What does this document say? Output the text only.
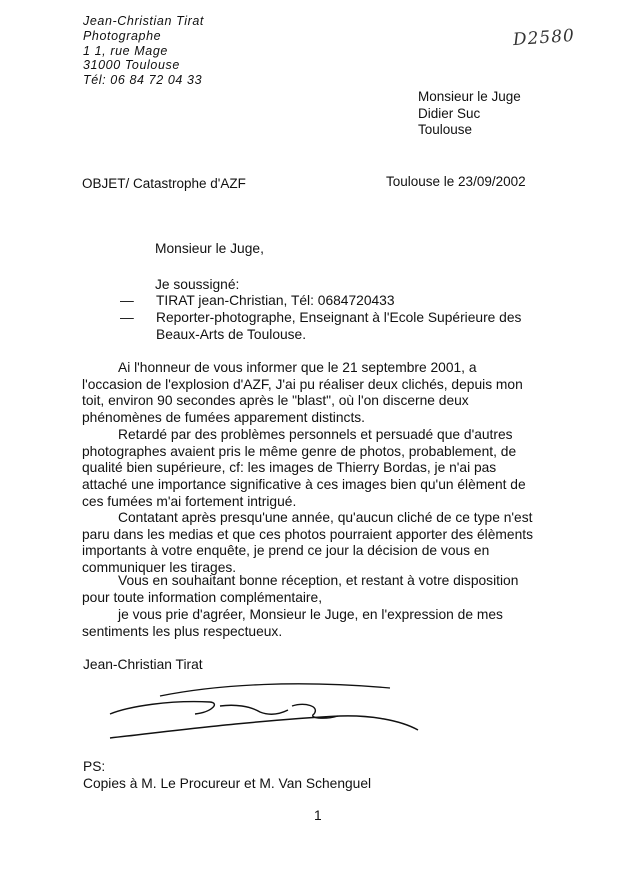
Jean-Christian Tirat
Photographe
1 1, rue Mage
31000 Toulouse
Tél: 06 84 72 04 33
D2580
Monsieur le Juge
Didier Suc
Toulouse
OBJET/ Catastrophe d'AZF	Toulouse le 23/09/2002
Monsieur le Juge,
Je soussigné:
— TIRAT jean-Christian, Tél: 0684720433
— Reporter-photographe, Enseignant à l'Ecole Supérieure des
Beaux-Arts de Toulouse.
Ai l'honneur de vous informer que le 21 septembre 2001, a
l'occasion de l'explosion d'AZF, J'ai pu réaliser deux clichés, depuis mon
toit, environ 90 secondes après le "blast", où l'on discerne deux
phénomènes de fumées apparement distincts.
Retardé par des problèmes personnels et persuadé que d'autres
photographes avaient pris le même genre de photos, probablement, de
qualité bien supérieure, cf: les images de Thierry Bordas, je n'ai pas
attaché une importance significative à ces images bien qu'un élèment de
ces fumées m'ai fortement intrigué.
Contatant après presqu'une année, qu'aucun cliché de ce type n'est
paru dans les medias et que ces photos pourraient apporter des élèments
importants à votre enquête, je prend ce jour la décision de vous en
communiquer les tirages.
Vous en souhaitant bonne réception, et restant à votre disposition
pour toute information complémentaire,
je vous prie d'agréer, Monsieur le Juge, en l'expression de mes
sentiments les plus respectueux.
Jean-Christian Tirat
PS:
Copies à M. Le Procureur et M. Van Schenguel
1
